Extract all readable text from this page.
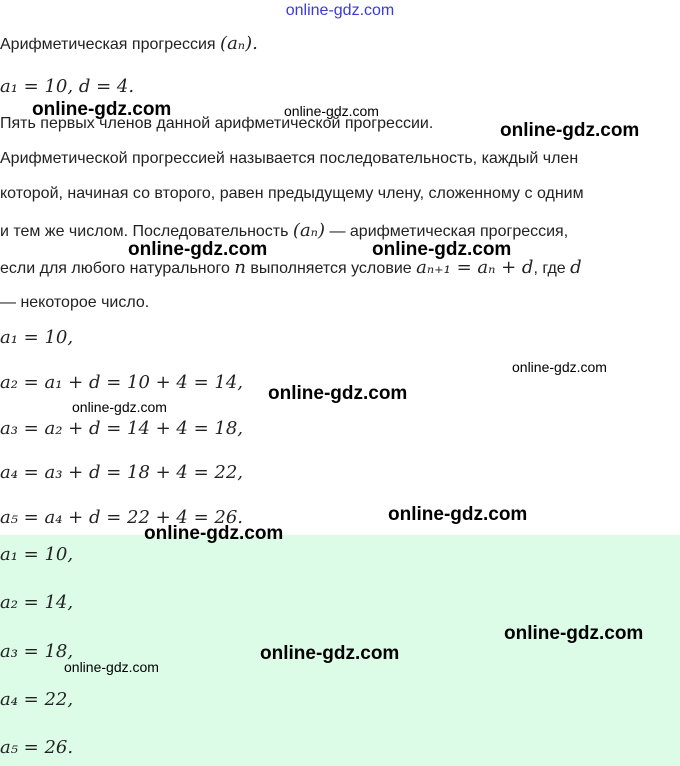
online-gdz.com
Арифметическая прогрессия (aₙ).
a₁ = 10, d = 4.
Пять первых членов данной арифметической прогрессии.
Арифметической прогрессией называется последовательность, каждый член
которой, начиная со второго, равен предыдущему члену, сложенному с одним
и тем же числом. Последовательность (aₙ) — арифметическая прогрессия,
если для любого натурального n выполняется условие aₙ₊₁ = aₙ + d, где d
— некоторое число.
a₁ = 10,
a₂ = a₁ + d = 10 + 4 = 14,
a₃ = a₂ + d = 14 + 4 = 18,
a₄ = a₃ + d = 18 + 4 = 22,
a₅ = a₄ + d = 22 + 4 = 26.
a₁ = 10,
a₂ = 14,
a₃ = 18,
a₄ = 22,
a₅ = 26.
online-gdz.com	online-gdz.com
online-gdz.com
online-gdz.com	online-gdz.com
online-gdz.com
online-gdz.com
online-gdz.com
online-gdz.com
online-gdz.com
online-gdz.com
online-gdz.com
online-gdz.com
